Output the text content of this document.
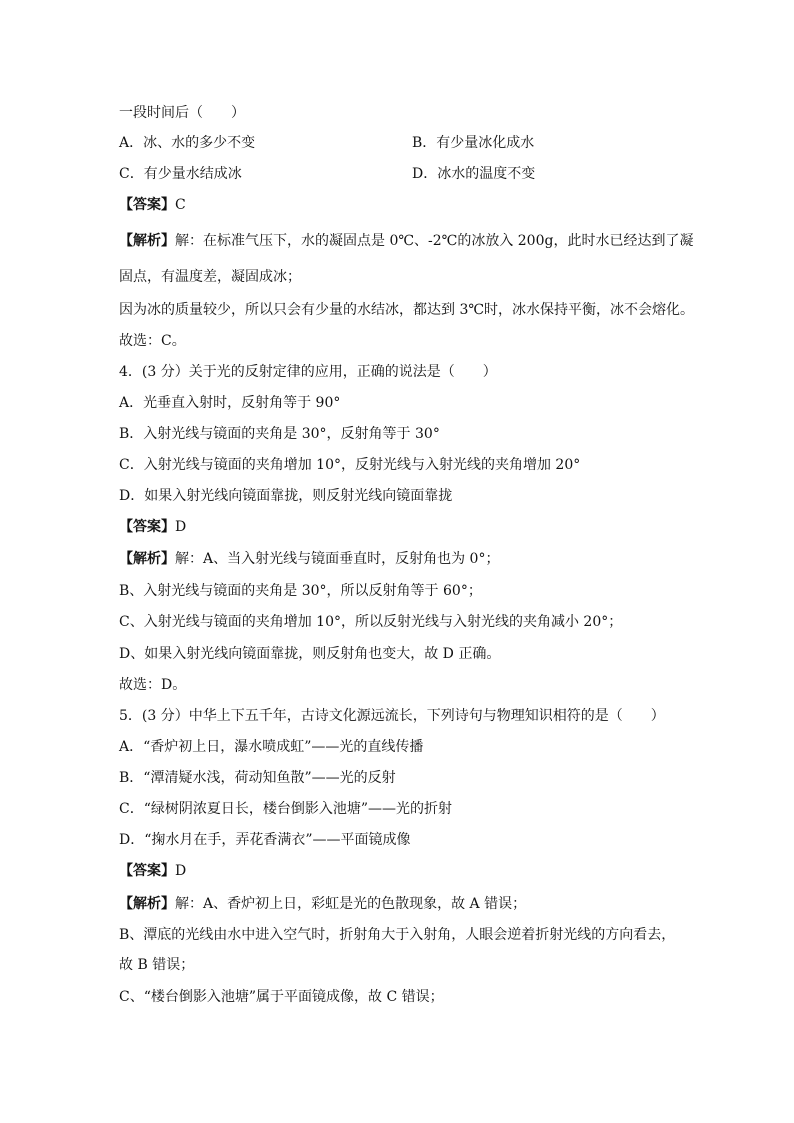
一段时间后（　　）
A．冰、水的多少不变	B．有少量冰化成水
C．有少量水结成冰	D．冰水的温度不变
【答案】C
【解析】解：在标准气压下，水的凝固点是 0℃、-2℃的冰放入 200g，此时水已经达到了凝
固点，有温度差，凝固成冰；
因为冰的质量较少，所以只会有少量的水结冰，都达到 3℃时，冰水保持平衡，冰不会熔化。
故选：C。
4．(3 分）关于光的反射定律的应用，正确的说法是（　　）
A．光垂直入射时，反射角等于 90°
B．入射光线与镜面的夹角是 30°，反射角等于 30°
C．入射光线与镜面的夹角增加 10°，反射光线与入射光线的夹角增加 20°
D．如果入射光线向镜面靠拢，则反射光线向镜面靠拢
【答案】D
【解析】解：A、当入射光线与镜面垂直时，反射角也为 0°；
B、入射光线与镜面的夹角是 30°，所以反射角等于 60°；
C、入射光线与镜面的夹角增加 10°，所以反射光线与入射光线的夹角减小 20°；
D、如果入射光线向镜面靠拢，则反射角也变大，故 D 正确。
故选：D。
5．(3 分）中华上下五千年，古诗文化源远流长，下列诗句与物理知识相符的是（　　）
A．“香炉初上日，瀑水喷成虹”——光的直线传播
B．“潭清疑水浅，荷动知鱼散”——光的反射
C．“绿树阴浓夏日长，楼台倒影入池塘”——光的折射
D．“掬水月在手，弄花香满衣”——平面镜成像
【答案】D
【解析】解：A、香炉初上日，彩虹是光的色散现象，故 A 错误；
B、潭底的光线由水中进入空气时，折射角大于入射角，人眼会逆着折射光线的方向看去，
故 B 错误；
C、“楼台倒影入池塘”属于平面镜成像，故 C 错误；
